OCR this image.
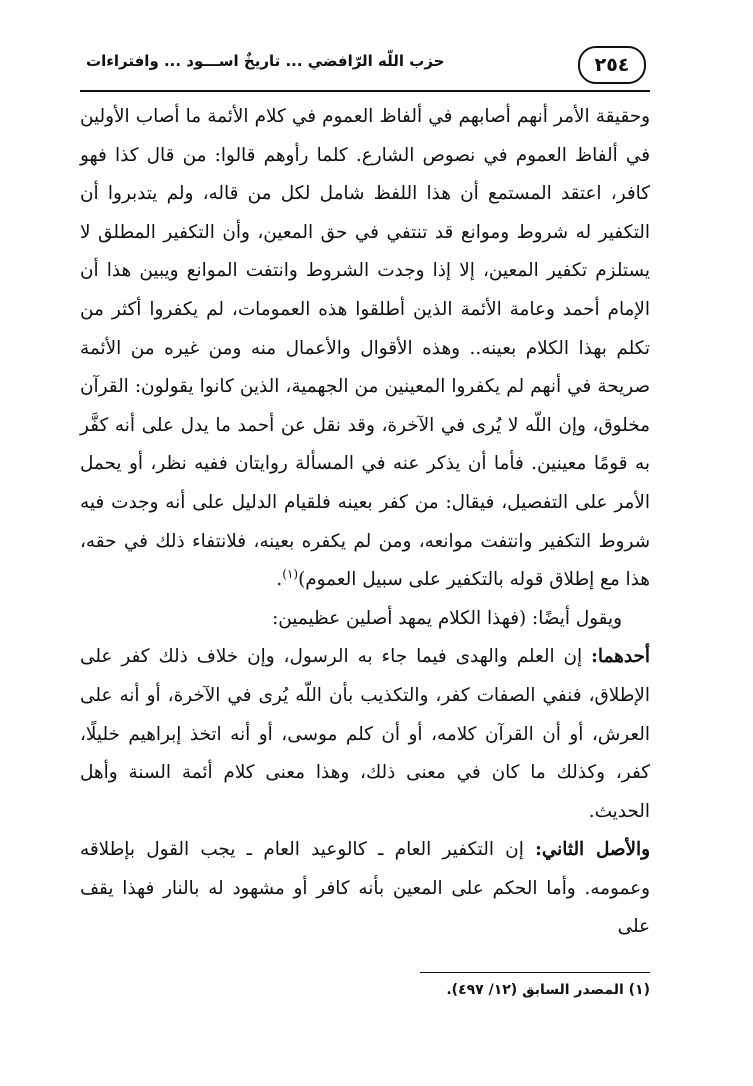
٢٥٤
حزب اللّه الرّافضي ... تاريخٌ اســـود ... وافتراءات

وحقيقة الأمر أنهم أصابهم في ألفاظ العموم في كلام الأئمة ما أصاب الأولين في ألفاظ العموم في نصوص الشارع. كلما رأوهم قالوا: من قال كذا فهو كافر، اعتقد المستمع أن هذا اللفظ شامل لكل من قاله، ولم يتدبروا أن التكفير له شروط وموانع قد تنتفي في حق المعين، وأن التكفير المطلق لا يستلزم تكفير المعين، إلا إذا وجدت الشروط وانتفت الموانع ويبين هذا أن الإمام أحمد وعامة الأئمة الذين أطلقوا هذه العمومات، لم يكفروا أكثر من تكلم بهذا الكلام بعينه.. وهذه الأقوال والأعمال منه ومن غيره من الأئمة صريحة في أنهم لم يكفروا المعينين من الجهمية، الذين كانوا يقولون: القرآن مخلوق، وإن اللّه لا يُرى في الآخرة، وقد نقل عن أحمد ما يدل على أنه كفَّر به قومًا معينين. فأما أن يذكر عنه في المسألة روايتان ففيه نظر، أو يحمل الأمر على التفصيل، فيقال: من كفر بعينه فلقيام الدليل على أنه وجدت فيه شروط التكفير وانتفت موانعه، ومن لم يكفره بعينه، فلانتفاء ذلك في حقه، هذا مع إطلاق قوله بالتكفير على سبيل العموم)$^{(١)}$.

ويقول أيضًا: (فهذا الكلام يمهد أصلين عظيمين:

أحدهما: إن العلم والهدى فيما جاء به الرسول، وإن خلاف ذلك كفر على الإطلاق، فنفي الصفات كفر، والتكذيب بأن اللّه يُرى في الآخرة، أو أنه على العرش، أو أن القرآن كلامه، أو أن كلم موسى، أو أنه اتخذ إبراهيم خليلًا، كفر، وكذلك ما كان في معنى ذلك، وهذا معنى كلام أئمة السنة وأهل الحديث.

والأصل الثاني: إن التكفير العام ـ كالوعيد العام ـ يجب القول بإطلاقه وعمومه. وأما الحكم على المعين بأنه كافر أو مشهود له بالنار فهذا يقف على

(١) المصدر السابق (١٢/ ٤٩٧).
